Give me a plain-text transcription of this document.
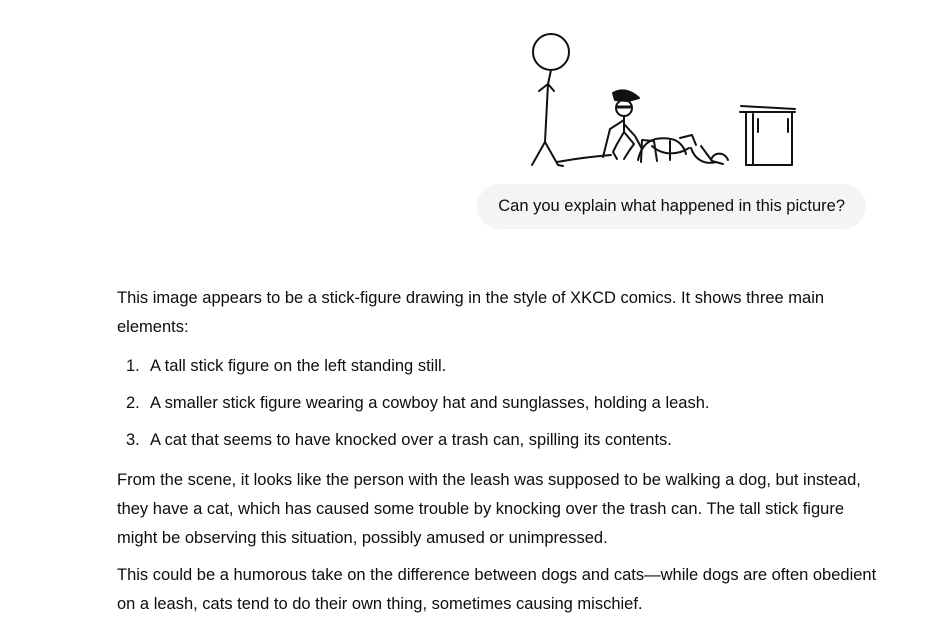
Can you explain what happened in this picture?

This image appears to be a stick-figure drawing in the style of XKCD comics. It shows three main elements:

1. A tall stick figure on the left standing still.
2. A smaller stick figure wearing a cowboy hat and sunglasses, holding a leash.
3. A cat that seems to have knocked over a trash can, spilling its contents.

From the scene, it looks like the person with the leash was supposed to be walking a dog, but instead, they have a cat, which has caused some trouble by knocking over the trash can. The tall stick figure might be observing this situation, possibly amused or unimpressed.

This could be a humorous take on the difference between dogs and cats—while dogs are often obedient on a leash, cats tend to do their own thing, sometimes causing mischief.
